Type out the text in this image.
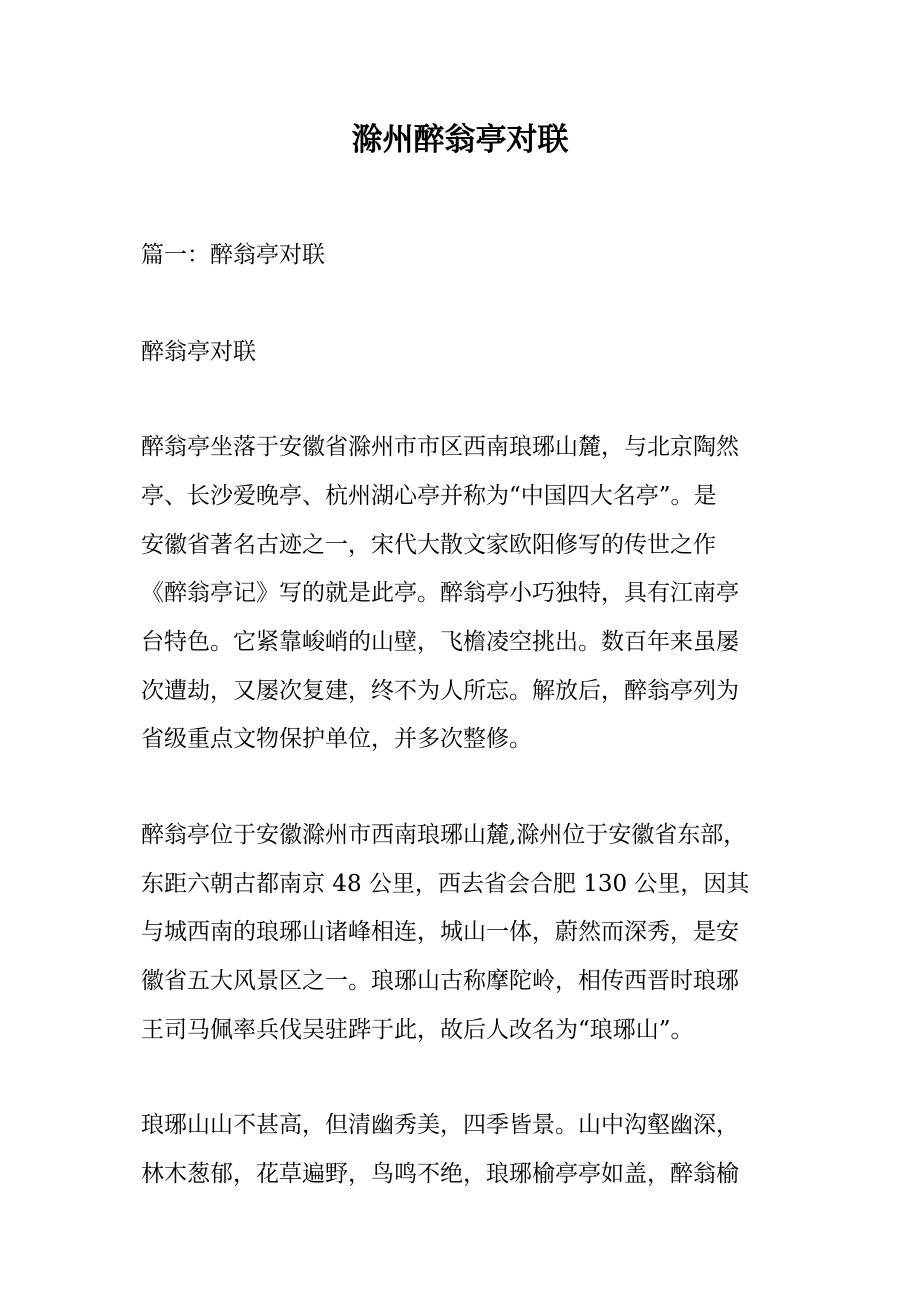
滁州醉翁亭对联

篇一：醉翁亭对联

醉翁亭对联

醉翁亭坐落于安徽省滁州市市区西南琅琊山麓，与北京陶然

亭、长沙爱晚亭、杭州湖心亭并称为“中国四大名亭”。是

安徽省著名古迹之一，宋代大散文家欧阳修写的传世之作

《醉翁亭记》写的就是此亭。醉翁亭小巧独特，具有江南亭

台特色。它紧靠峻峭的山壁，飞檐凌空挑出。数百年来虽屡

次遭劫，又屡次复建，终不为人所忘。解放后，醉翁亭列为

省级重点文物保护单位，并多次整修。

醉翁亭位于安徽滁州市西南琅琊山麓,滁州位于安徽省东部，

东距六朝古都南京 48 公里，西去省会合肥 130 公里，因其

与城西南的琅琊山诸峰相连，城山一体，蔚然而深秀，是安

徽省五大风景区之一。琅琊山古称摩陀岭，相传西晋时琅琊

王司马佩率兵伐吴驻跸于此，故后人改名为“琅琊山”。

琅琊山山不甚高，但清幽秀美，四季皆景。山中沟壑幽深，

林木葱郁，花草遍野，鸟鸣不绝，琅琊榆亭亭如盖，醉翁榆
